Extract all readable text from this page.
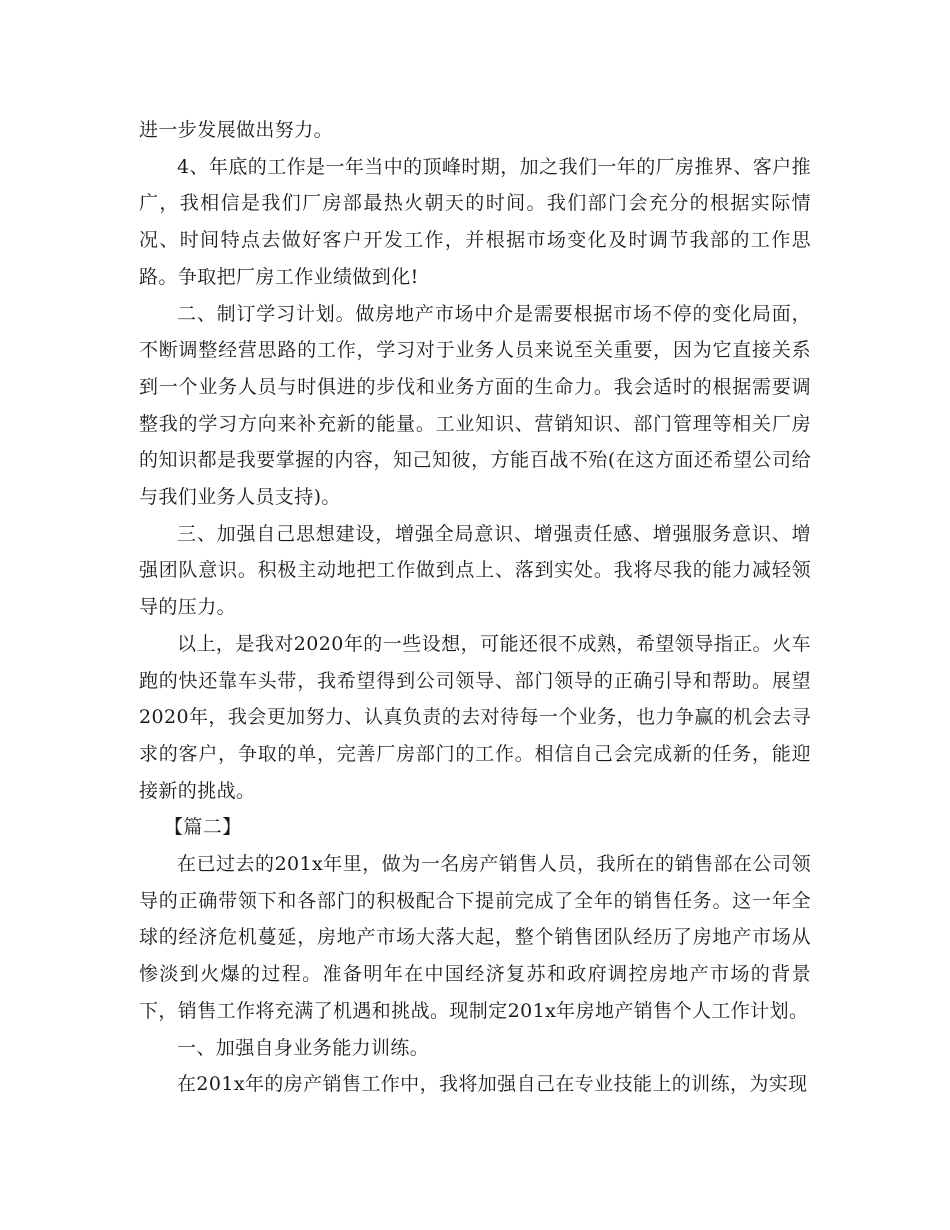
进一步发展做出努力。

4、年底的工作是一年当中的顶峰时期，加之我们一年的厂房推界、客户推广，我相信是我们厂房部最热火朝天的时间。我们部门会充分的根据实际情况、时间特点去做好客户开发工作，并根据市场变化及时调节我部的工作思路。争取把厂房工作业绩做到化!

二、制订学习计划。做房地产市场中介是需要根据市场不停的变化局面，不断调整经营思路的工作，学习对于业务人员来说至关重要，因为它直接关系到一个业务人员与时俱进的步伐和业务方面的生命力。我会适时的根据需要调整我的学习方向来补充新的能量。工业知识、营销知识、部门管理等相关厂房的知识都是我要掌握的内容，知己知彼，方能百战不殆(在这方面还希望公司给与我们业务人员支持)。

三、加强自己思想建设，增强全局意识、增强责任感、增强服务意识、增强团队意识。积极主动地把工作做到点上、落到实处。我将尽我的能力减轻领导的压力。

以上，是我对2020年的一些设想，可能还很不成熟，希望领导指正。火车跑的快还靠车头带，我希望得到公司领导、部门领导的正确引导和帮助。展望2020年，我会更加努力、认真负责的去对待每一个业务，也力争赢的机会去寻求的客户，争取的单，完善厂房部门的工作。相信自己会完成新的任务，能迎接新的挑战。

【篇二】

在已过去的201x年里，做为一名房产销售人员，我所在的销售部在公司领导的正确带领下和各部门的积极配合下提前完成了全年的销售任务。这一年全球的经济危机蔓延，房地产市场大落大起，整个销售团队经历了房地产市场从惨淡到火爆的过程。准备明年在中国经济复苏和政府调控房地产市场的背景下，销售工作将充满了机遇和挑战。现制定201x年房地产销售个人工作计划。

一、加强自身业务能力训练。

在201x年的房产销售工作中，我将加强自己在专业技能上的训练，为实现
